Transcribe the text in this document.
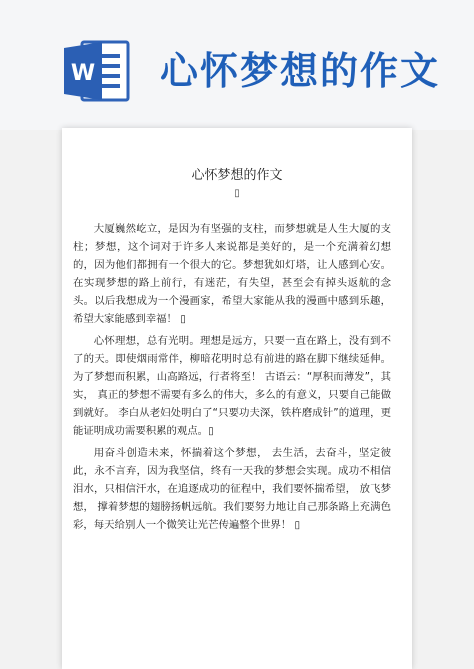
W 心怀梦想的作文
心怀梦想的作文
▯

大厦巍然屹立，是因为有坚强的支柱，而梦想就是人生大厦的支柱；梦想，这个词对于许多人来说都是美好的，是一个充满着幻想的，因为他们都拥有一个很大的它。梦想犹如灯塔，让人感到心安。在实现梦想的路上前行，有迷茫，有失望，甚至会有掉头返航的念头。以后我想成为一个漫画家，希望大家能从我的漫画中感到乐趣，希望大家能感到幸福！ ▯

心怀理想，总有光明。理想是远方，只要一直在路上，没有到不了的天。即使烟雨常伴，柳暗花明时总有前进的路在脚下继续延伸。为了梦想而积累，山高路远，行者将至！ 古语云：“厚积而薄发”，其实， 真正的梦想不需要有多么的伟大，多么的有意义，只要自己能做到就好。 李白从老妇处明白了“只要功夫深，铁杵磨成针”的道理，更能证明成功需要积累的观点。▯

用奋斗创造未来，怀揣着这个梦想， 去生活，去奋斗，坚定彼此，永不言弃，因为我坚信，终有一天我的梦想会实现。成功不相信泪水，只相信汗水，在追逐成功的征程中，我们要怀揣希望， 放飞梦想， 撑着梦想的翅膀扬帆远航。我们要努力地让自己那条路上充满色彩，每天给别人一个微笑让光芒传遍整个世界！ ▯
